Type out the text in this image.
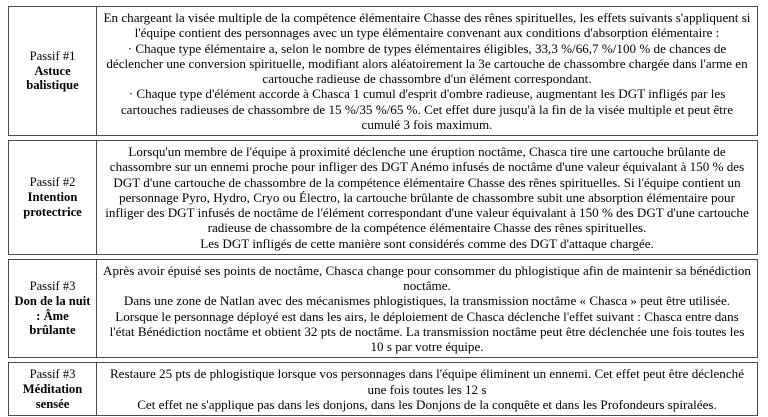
Passif #1
Astuce balistique

En chargeant la visée multiple de la compétence élémentaire Chasse des rênes spirituelles, les effets suivants s'appliquent si l'équipe contient des personnages avec un type élémentaire convenant aux conditions d'absorption élémentaire :

· Chaque type élémentaire a, selon le nombre de types élémentaires éligibles, 33,3 %/66,7 %/100 % de chances de déclencher une conversion spirituelle, modifiant alors aléatoirement la 3e cartouche de chassombre chargée dans l'arme en cartouche radieuse de chassombre d'un élément correspondant.

· Chaque type d'élément accorde à Chasca 1 cumul d'esprit d'ombre radieuse, augmentant les DGT infligés par les cartouches radieuses de chassombre de 15 %/35 %/65 %. Cet effet dure jusqu'à la fin de la visée multiple et peut être cumulé 3 fois maximum.

Passif #2
Intention protectrice

Lorsqu'un membre de l'équipe à proximité déclenche une éruption noctâme, Chasca tire une cartouche brûlante de chassombre sur un ennemi proche pour infliger des DGT Anémo infusés de noctâme d'une valeur équivalant à 150 % des DGT d'une cartouche de chassombre de la compétence élémentaire Chasse des rênes spirituelles. Si l'équipe contient un personnage Pyro, Hydro, Cryo ou Électro, la cartouche brûlante de chassombre subit une absorption élémentaire pour infliger des DGT infusés de noctâme de l'élément correspondant d'une valeur équivalant à 150 % des DGT d'une cartouche radieuse de chassombre de la compétence élémentaire Chasse des rênes spirituelles.

Les DGT infligés de cette manière sont considérés comme des DGT d'attaque chargée.

Passif #3
Don de la nuit : Âme brûlante

Après avoir épuisé ses points de noctâme, Chasca change pour consommer du phlogistique afin de maintenir sa bénédiction noctâme.

Dans une zone de Natlan avec des mécanismes phlogistiques, la transmission noctâme « Chasca » peut être utilisée. Lorsque le personnage déployé est dans les airs, le déploiement de Chasca déclenche l'effet suivant : Chasca entre dans l'état Bénédiction noctâme et obtient 32 pts de noctâme. La transmission noctâme peut être déclenchée une fois toutes les 10 s par votre équipe.

Passif #3
Méditation sensée

Restaure 25 pts de phlogistique lorsque vos personnages dans l'équipe éliminent un ennemi. Cet effet peut être déclenché une fois toutes les 12 s

Cet effet ne s'applique pas dans les donjons, dans les Donjons de la conquête et dans les Profondeurs spiralées.
